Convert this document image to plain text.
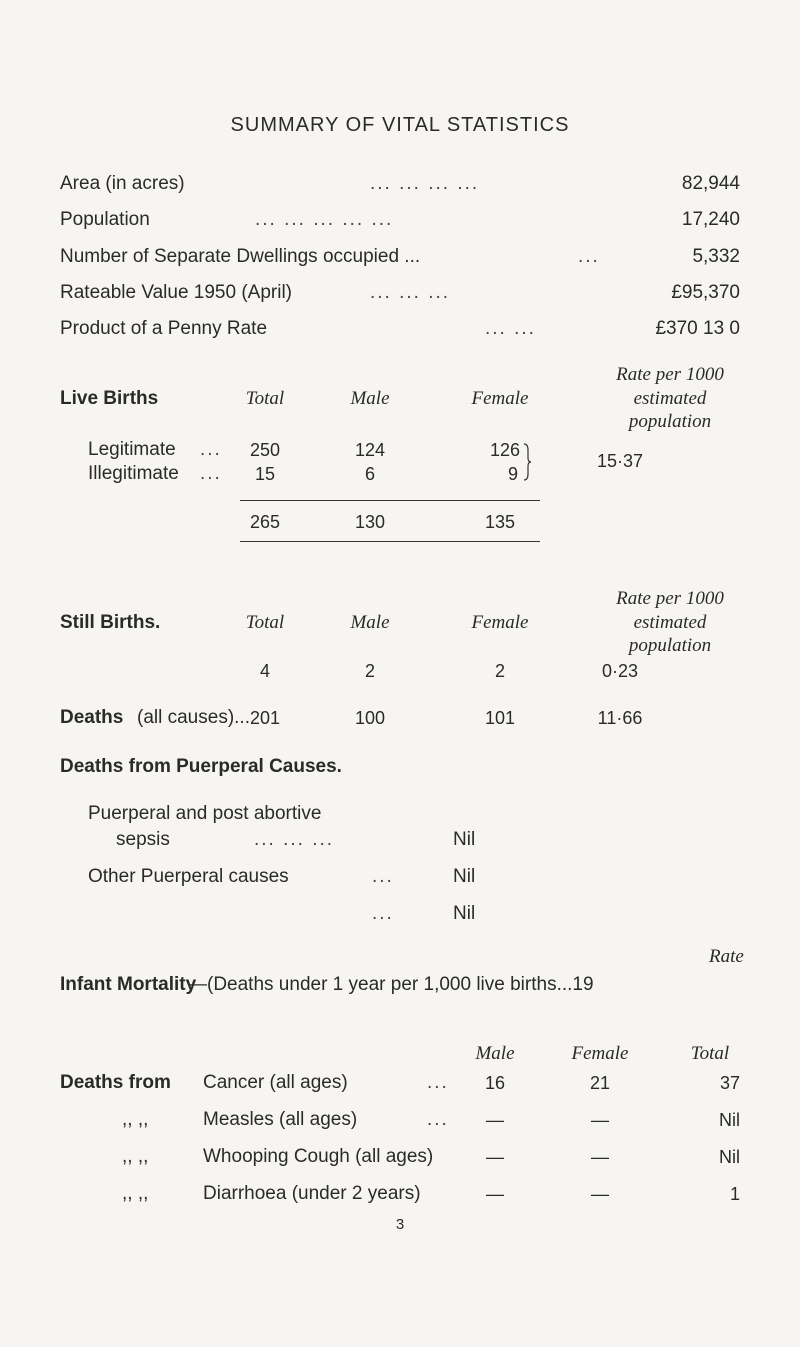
SUMMARY OF VITAL STATISTICS
Area (in acres)	... ... ... ...	82,944
Population	... ... ... ... ...	17,240
Number of Separate Dwellings occupied ...	...	5,332
Rateable Value 1950 (April)	... ... ...	£95,370
Product of a Penny Rate	... ...	£370 13 0
Rate per 1000
Live Births	Total	Male	Female	estimated
population
Legitimate ...	250	124	126
Illegitimate ...	15	6	9
15·37
265	130	135
Rate per 1000
Still Births.	Total	Male	Female	estimated
population
4	2	2	0·23
Deaths (all causes)... 201	100	101	11·66
Deaths from Puerperal Causes.
Puerperal and post abortive
sepsis	... ... ...	Nil
Other Puerperal causes	...	Nil
...	Nil
Rate
Infant Mortality
—(Deaths under 1 year per 1,000 live births...19
Male	Female	Total
Deaths from Cancer (all ages)	...	16	21	37
,, ,,	Measles (all ages)	...	—	—	Nil
,, ,,	Whooping Cough (all ages)	—	—	Nil
,, ,,	Diarrhoea (under 2 years)	—	—	1
3
